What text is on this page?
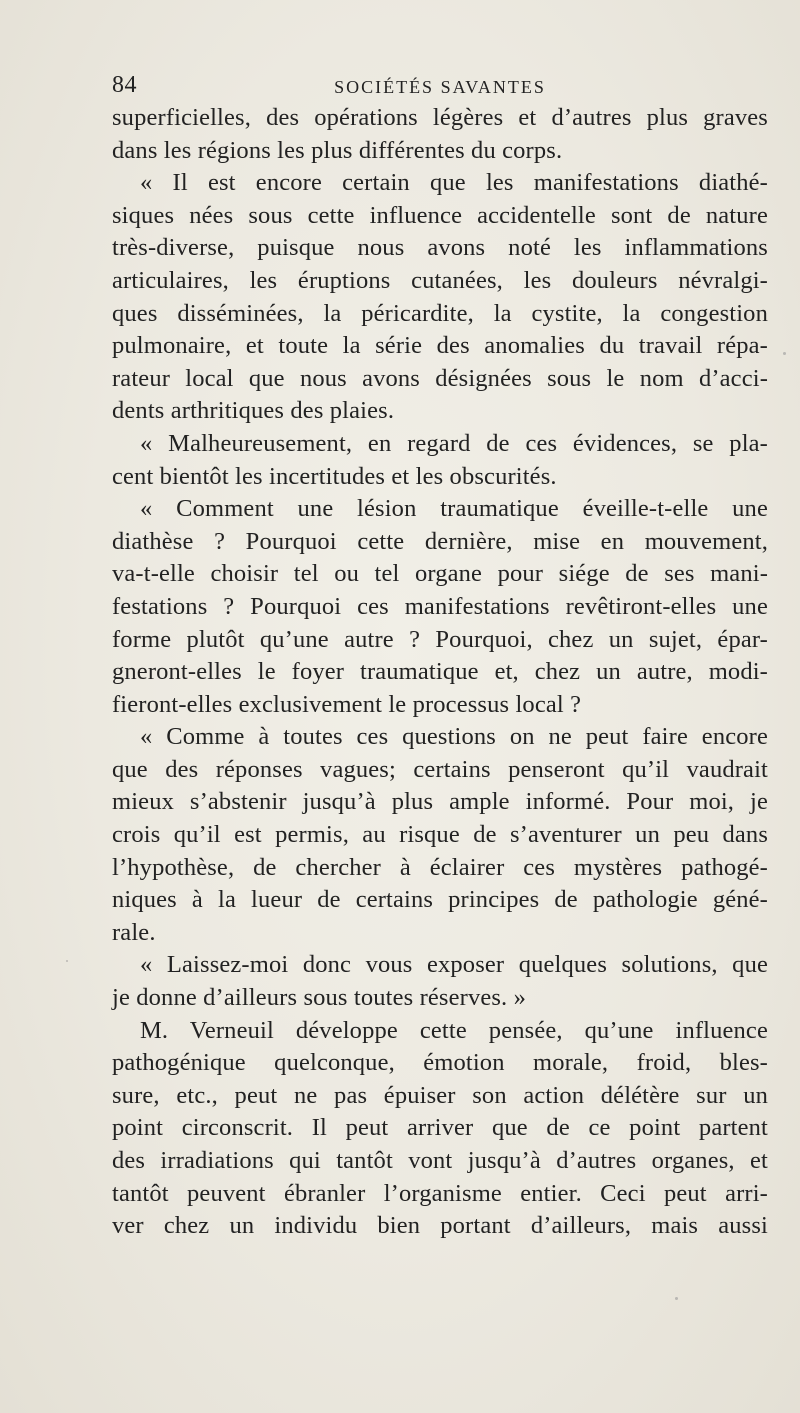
84	SOCIÉTÉS SAVANTES
superficielles, des opérations légères et d’autres plus graves
dans les régions les plus différentes du corps.
« Il est encore certain que les manifestations diathé-
siques nées sous cette influence accidentelle sont de nature
très-diverse, puisque nous avons noté les inflammations
articulaires, les éruptions cutanées, les douleurs névralgi-
ques disséminées, la péricardite, la cystite, la congestion
pulmonaire, et toute la série des anomalies du travail répa-
rateur local que nous avons désignées sous le nom d’acci-
dents arthritiques des plaies.
« Malheureusement, en regard de ces évidences, se pla-
cent bientôt les incertitudes et les obscurités.
« Comment une lésion traumatique éveille-t-elle une
diathèse ? Pourquoi cette dernière, mise en mouvement,
va-t-elle choisir tel ou tel organe pour siége de ses mani-
festations ? Pourquoi ces manifestations revêtiront-elles une
forme plutôt qu’une autre ? Pourquoi, chez un sujet, épar-
gneront-elles le foyer traumatique et, chez un autre, modi-
fieront-elles exclusivement le processus local ?
« Comme à toutes ces questions on ne peut faire encore
que des réponses vagues; certains penseront qu’il vaudrait
mieux s’abstenir jusqu’à plus ample informé. Pour moi, je
crois qu’il est permis, au risque de s’aventurer un peu dans
l’hypothèse, de chercher à éclairer ces mystères pathogé-
niques à la lueur de certains principes de pathologie géné-
rale.
« Laissez-moi donc vous exposer quelques solutions, que
je donne d’ailleurs sous toutes réserves. »
M. Verneuil développe cette pensée, qu’une influence
pathogénique quelconque, émotion morale, froid, bles-
sure, etc., peut ne pas épuiser son action délétère sur un
point circonscrit. Il peut arriver que de ce point partent
des irradiations qui tantôt vont jusqu’à d’autres organes, et
tantôt peuvent ébranler l’organisme entier. Ceci peut arri-
ver chez un individu bien portant d’ailleurs, mais aussi
